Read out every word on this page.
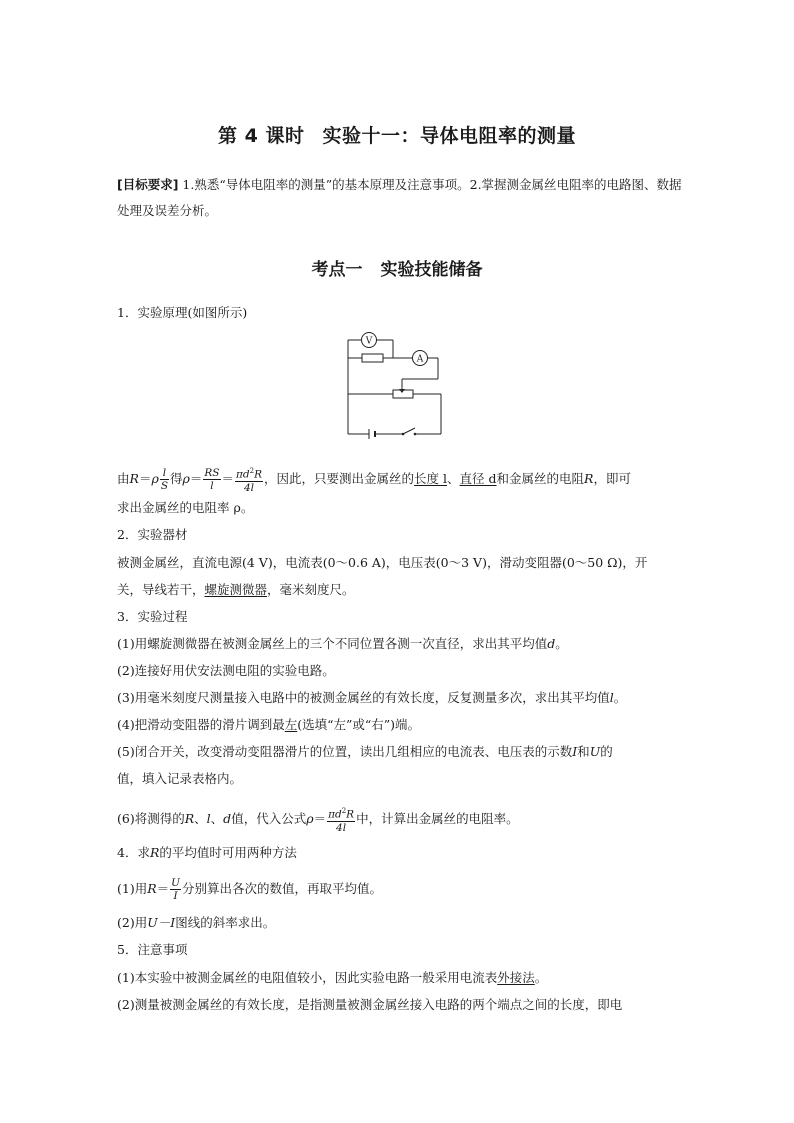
第 4 课时 实验十一：导体电阻率的测量
[目标要求] 1.熟悉“导体电阻率的测量”的基本原理及注意事项。2.掌握测金属丝电阻率的电路图、数据处理及误差分析。
考点一 实验技能储备
1．实验原理(如图所示)
V
A
由$R=\rho \frac{l}{S}$ 得$\rho= \frac{RS}{l} = \frac{\pi d^2R}{4l}$ ，因此，只要测出金属丝的长度 l、直径 d和金属丝的电阻R，即可
求出金属丝的电阻率 ρ。
2．实验器材
被测金属丝，直流电源(4 V)，电流表(0～0.6 A)，电压表(0～3 V)，滑动变阻器(0～50 Ω)，开
关，导线若干，螺旋测微器，毫米刻度尺。
3．实验过程
(1)用螺旋测微器在被测金属丝上的三个不同位置各测一次直径，求出其平均值d。
(2)连接好用伏安法测电阻的实验电路。
(3)用毫米刻度尺测量接入电路中的被测金属丝的有效长度，反复测量多次，求出其平均值l。
(4)把滑动变阻器的滑片调到最左(选填“左”或“右”)端。
(5)闭合开关，改变滑动变阻器滑片的位置，读出几组相应的电流表、电压表的示数I和U的
值，填入记录表格内。
(6)将测得的R、l、d值，代入公式$\rho= \frac{\pi d^2R}{4l}$ 中，计算出金属丝的电阻率。
4．求R的平均值时可用两种方法
(1)用$R= \frac{U}{I}$ 分别算出各次的数值，再取平均值。
(2)用U－I图线的斜率求出。
5．注意事项
(1)本实验中被测金属丝的电阻值较小，因此实验电路一般采用电流表外接法。
(2)测量被测金属丝的有效长度，是指测量被测金属丝接入电路的两个端点之间的长度，即电
